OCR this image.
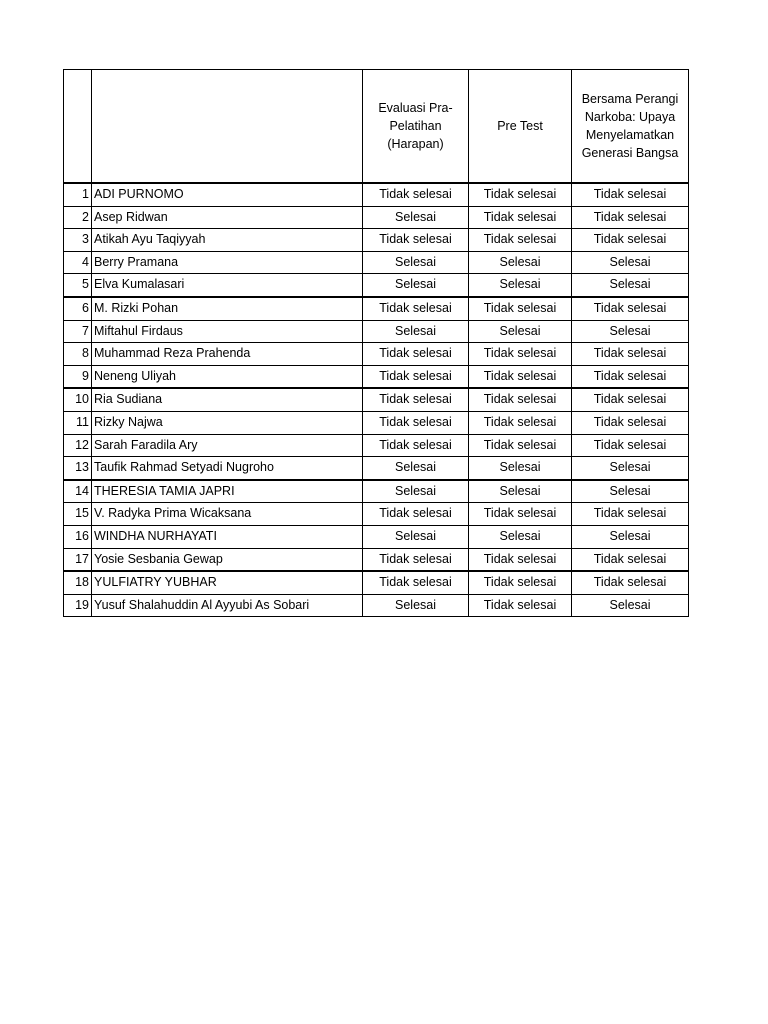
		Evaluasi Pra-Pelatihan (Harapan)	Pre Test	Bersama Perangi Narkoba: Upaya Menyelamatkan Generasi Bangsa
1	ADI PURNOMO	Tidak selesai	Tidak selesai	Tidak selesai
2	Asep Ridwan	Selesai	Tidak selesai	Tidak selesai
3	Atikah Ayu Taqiyyah	Tidak selesai	Tidak selesai	Tidak selesai
4	Berry Pramana	Selesai	Selesai	Selesai
5	Elva Kumalasari	Selesai	Selesai	Selesai
6	M. Rizki Pohan	Tidak selesai	Tidak selesai	Tidak selesai
7	Miftahul Firdaus	Selesai	Selesai	Selesai
8	Muhammad Reza Prahenda	Tidak selesai	Tidak selesai	Tidak selesai
9	Neneng Uliyah	Tidak selesai	Tidak selesai	Tidak selesai
10	Ria Sudiana	Tidak selesai	Tidak selesai	Tidak selesai
11	Rizky Najwa	Tidak selesai	Tidak selesai	Tidak selesai
12	Sarah Faradila Ary	Tidak selesai	Tidak selesai	Tidak selesai
13	Taufik Rahmad Setyadi Nugroho	Selesai	Selesai	Selesai
14	THERESIA TAMIA JAPRI	Selesai	Selesai	Selesai
15	V. Radyka Prima Wicaksana	Tidak selesai	Tidak selesai	Tidak selesai
16	WINDHA NURHAYATI	Selesai	Selesai	Selesai
17	Yosie Sesbania Gewap	Tidak selesai	Tidak selesai	Tidak selesai
18	YULFIATRY YUBHAR	Tidak selesai	Tidak selesai	Tidak selesai
19	Yusuf Shalahuddin Al Ayyubi As Sobari	Selesai	Tidak selesai	Selesai
